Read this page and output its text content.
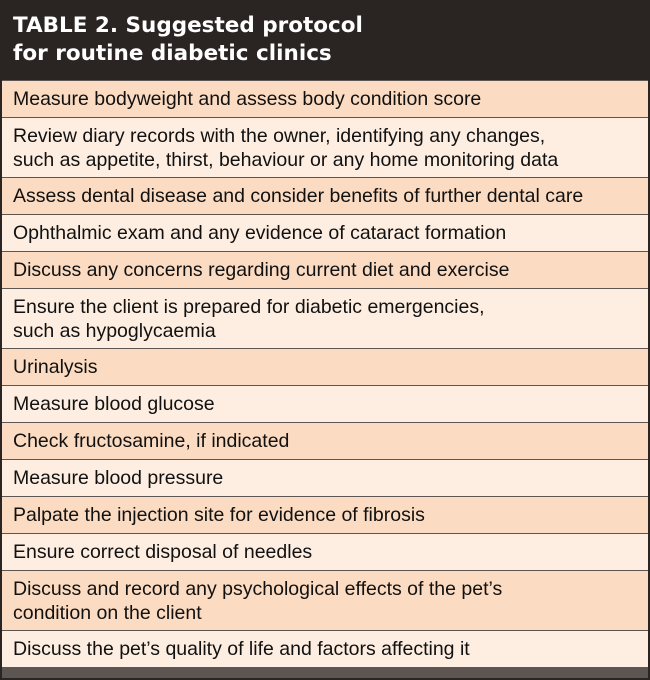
TABLE 2. Suggested protocol
for routine diabetic clinics
Measure bodyweight and assess body condition score
Review diary records with the owner, identifying any changes,
such as appetite, thirst, behaviour or any home monitoring data
Assess dental disease and consider benefits of further dental care
Ophthalmic exam and any evidence of cataract formation
Discuss any concerns regarding current diet and exercise
Ensure the client is prepared for diabetic emergencies,
such as hypoglycaemia
Urinalysis
Measure blood glucose
Check fructosamine, if indicated
Measure blood pressure
Palpate the injection site for evidence of fibrosis
Ensure correct disposal of needles
Discuss and record any psychological effects of the pet’s
condition on the client
Discuss the pet’s quality of life and factors affecting it
